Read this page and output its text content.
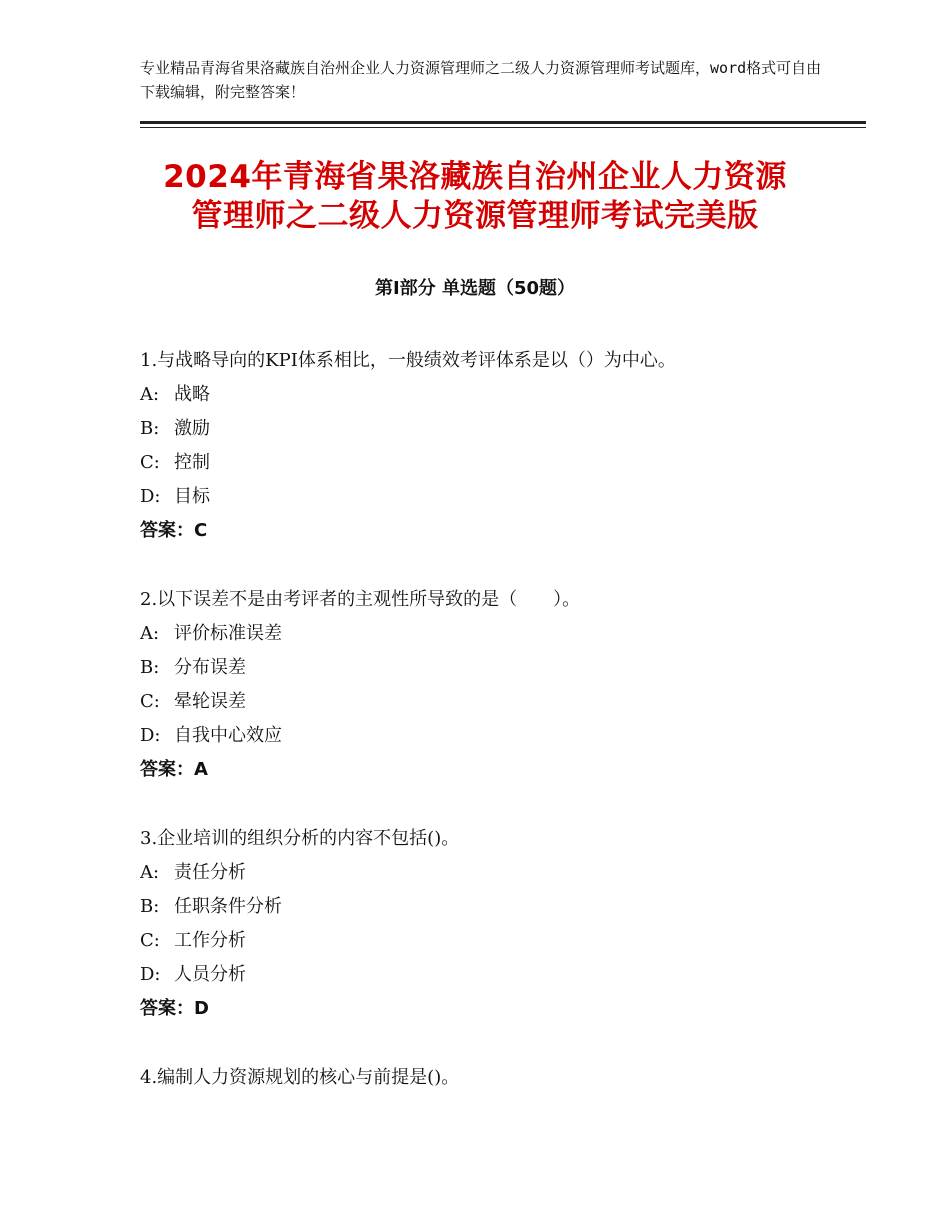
专业精品青海省果洛藏族自治州企业人力资源管理师之二级人力资源管理师考试题库，word格式可自由下载编辑，附完整答案！
2024年青海省果洛藏族自治州企业人力资源
管理师之二级人力资源管理师考试完美版
第Ⅰ部分 单选题（50题）
1.与战略导向的KPI体系相比，一般绩效考评体系是以（）为中心。
A: 战略
B: 激励
C: 控制
D: 目标
答案：C
2.以下误差不是由考评者的主观性所导致的是（　　）。
A: 评价标准误差
B: 分布误差
C: 晕轮误差
D: 自我中心效应
答案：A
3.企业培训的组织分析的内容不包括()。
A: 责任分析
B: 任职条件分析
C: 工作分析
D: 人员分析
答案：D
4.编制人力资源规划的核心与前提是()。
